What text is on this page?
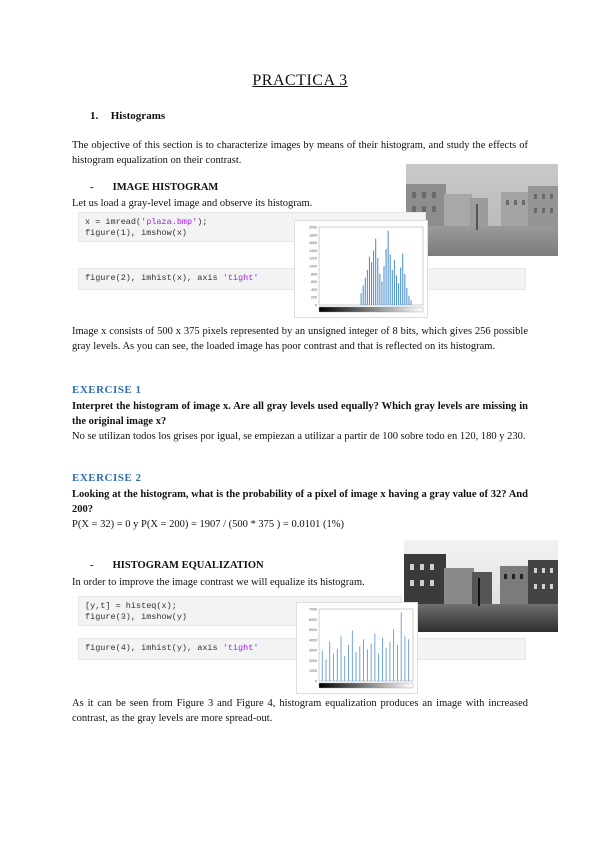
PRACTICA 3
1. Histograms
The objective of this section is to characterize images by means of their histogram, and study the effects of histogram equalization on their contrast.
- IMAGE HISTOGRAM
Let us load a gray-level image and observe its histogram.
x = imread('plaza.bmp');
figure(1), imshow(x)
figure(2), imhist(x), axis 'tight'
2000
1800
1600
1400
1200
1000
800
600
400
200
0
Image x consists of 500 x 375 pixels represented by an unsigned integer of 8 bits, which gives 256 possible gray levels. As you can see, the loaded image has poor contrast and that is reflected on its histogram.
EXERCISE 1
Interpret the histogram of image x. Are all gray levels used equally? Which gray levels are missing in the original image x?
No se utilizan todos los grises por igual, se empiezan a utilizar a partir de 100 sobre todo en 120, 180 y 230.
EXERCISE 2
Looking at the histogram, what is the probability of a pixel of image x having a gray value of 32? And 200?
P(X = 32) = 0 y P(X = 200) = 1907 / (500 * 375 ) = 0.0101 (1%)
- HISTOGRAM EQUALIZATION
In order to improve the image contrast we will equalize its histogram.
[y,t] = histeq(x);
figure(3), imshow(y)
figure(4), imhist(y), axis 'tight'
7000
6000
5000
4000
3000
2000
1000
0
As it can be seen from Figure 3 and Figure 4, histogram equalization produces an image with increased contrast, as the gray levels are more spread-out.
